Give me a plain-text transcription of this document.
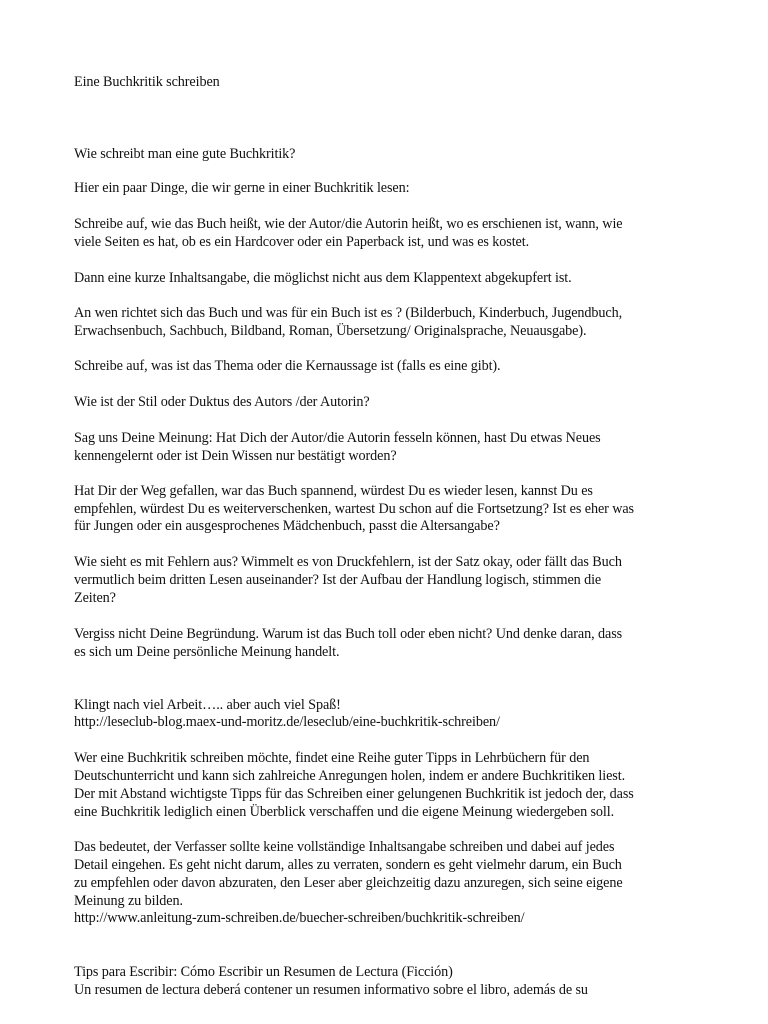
Eine Buchkritik schreiben
Wie schreibt man eine gute Buchkritik?
Hier ein paar Dinge, die wir gerne in einer Buchkritik lesen:
Schreibe auf, wie das Buch heißt, wie der Autor/die Autorin heißt, wo es erschienen ist, wann, wie
viele Seiten es hat, ob es ein Hardcover oder ein Paperback ist, und was es kostet.
Dann eine kurze Inhaltsangabe, die möglichst nicht aus dem Klappentext abgekupfert ist.
An wen richtet sich das Buch und was für ein Buch ist es ? (Bilderbuch, Kinderbuch, Jugendbuch,
Erwachsenbuch, Sachbuch, Bildband, Roman, Übersetzung/ Originalsprache, Neuausgabe).
Schreibe auf, was ist das Thema oder die Kernaussage ist (falls es eine gibt).
Wie ist der Stil oder Duktus des Autors /der Autorin?
Sag uns Deine Meinung: Hat Dich der Autor/die Autorin fesseln können, hast Du etwas Neues
kennengelernt oder ist Dein Wissen nur bestätigt worden?
Hat Dir der Weg gefallen, war das Buch spannend, würdest Du es wieder lesen, kannst Du es
empfehlen, würdest Du es weiterverschenken, wartest Du schon auf die Fortsetzung? Ist es eher was
für Jungen oder ein ausgesprochenes Mädchenbuch, passt die Altersangabe?
Wie sieht es mit Fehlern aus? Wimmelt es von Druckfehlern, ist der Satz okay, oder fällt das Buch
vermutlich beim dritten Lesen auseinander? Ist der Aufbau der Handlung logisch, stimmen die
Zeiten?
Vergiss nicht Deine Begründung. Warum ist das Buch toll oder eben nicht? Und denke daran, dass
es sich um Deine persönliche Meinung handelt.
Klingt nach viel Arbeit….. aber auch viel Spaß!
http://leseclub-blog.maex-und-moritz.de/leseclub/eine-buchkritik-schreiben/
Wer eine Buchkritik schreiben möchte, findet eine Reihe guter Tipps in Lehrbüchern für den
Deutschunterricht und kann sich zahlreiche Anregungen holen, indem er andere Buchkritiken liest.
Der mit Abstand wichtigste Tipps für das Schreiben einer gelungenen Buchkritik ist jedoch der, dass
eine Buchkritik lediglich einen Überblick verschaffen und die eigene Meinung wiedergeben soll.
Das bedeutet, der Verfasser sollte keine vollständige Inhaltsangabe schreiben und dabei auf jedes
Detail eingehen. Es geht nicht darum, alles zu verraten, sondern es geht vielmehr darum, ein Buch
zu empfehlen oder davon abzuraten, den Leser aber gleichzeitig dazu anzuregen, sich seine eigene
Meinung zu bilden.
http://www.anleitung-zum-schreiben.de/buecher-schreiben/buchkritik-schreiben/
Tips para Escribir: Cómo Escribir un Resumen de Lectura (Ficción)
Un resumen de lectura deberá contener un resumen informativo sobre el libro, además de su
